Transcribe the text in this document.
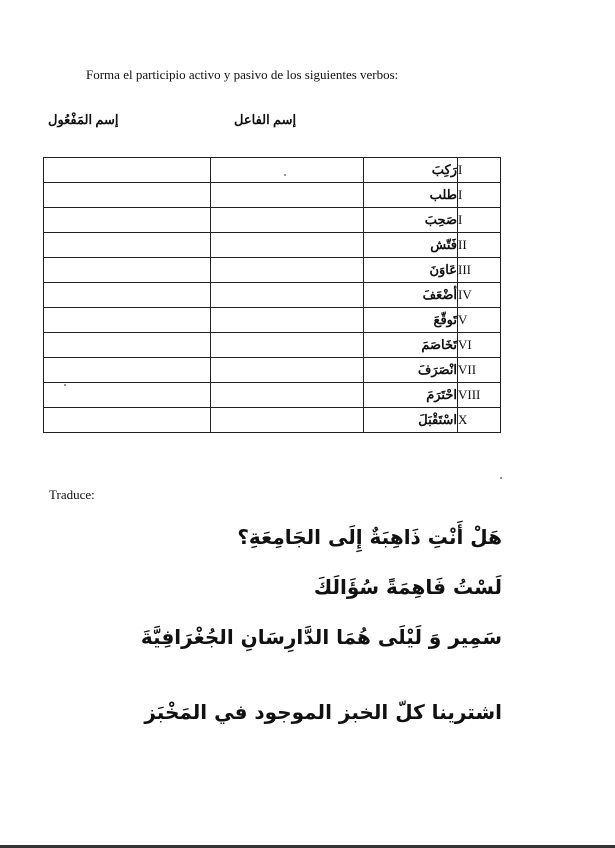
Forma el participio activo y pasivo de los siguientes verbos:
إسم المَفْعُول	إسم الفاعل
		رَكِبَ	I
		طلب	I
		صَحِبَ	I
		فَتّش	II
		عَاوَنَ	III
		أضْعَفَ	IV
		تَوقّعَ	V
		تَخَاصَمَ	VI
		انْصَرَفَ	VII
		احْتَرَمَ	VIII
		اسْتَقْبَلَ	X
Traduce:
هَلْ أَنْتِ ذَاهِبَةٌ إِلَى الجَامِعَةِ؟
لَسْتُ فَاهِمَةً سُؤَالَكَ
سَمِير وَ لَيْلَى هُمَا الدَّارِسَانِ الجُغْرَافِيَّةَ
اشترينا كلّ الخبز الموجود في المَخْبَز
